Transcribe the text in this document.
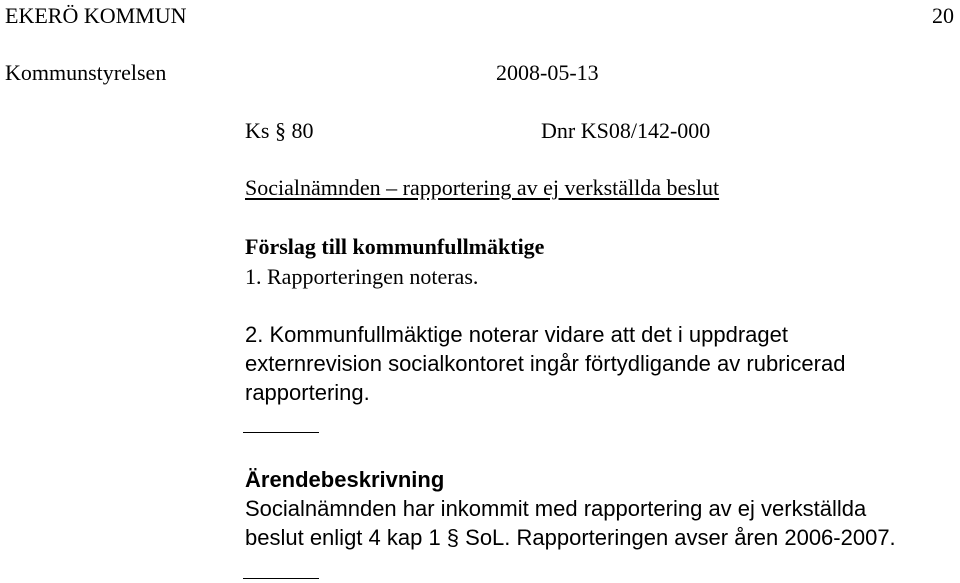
EKERÖ KOMMUN	20
Kommunstyrelsen	2008-05-13
Ks § 80	Dnr KS08/142-000
Socialnämnden – rapportering av ej verkställda beslut
Förslag till kommunfullmäktige
1. Rapporteringen noteras.
2. Kommunfullmäktige noterar vidare att det i uppdraget
externrevision socialkontoret ingår förtydligande av rubricerad
rapportering.
Ärendebeskrivning
Socialnämnden har inkommit med rapportering av ej verkställda
beslut enligt 4 kap 1 § SoL. Rapporteringen avser åren 2006-2007.
